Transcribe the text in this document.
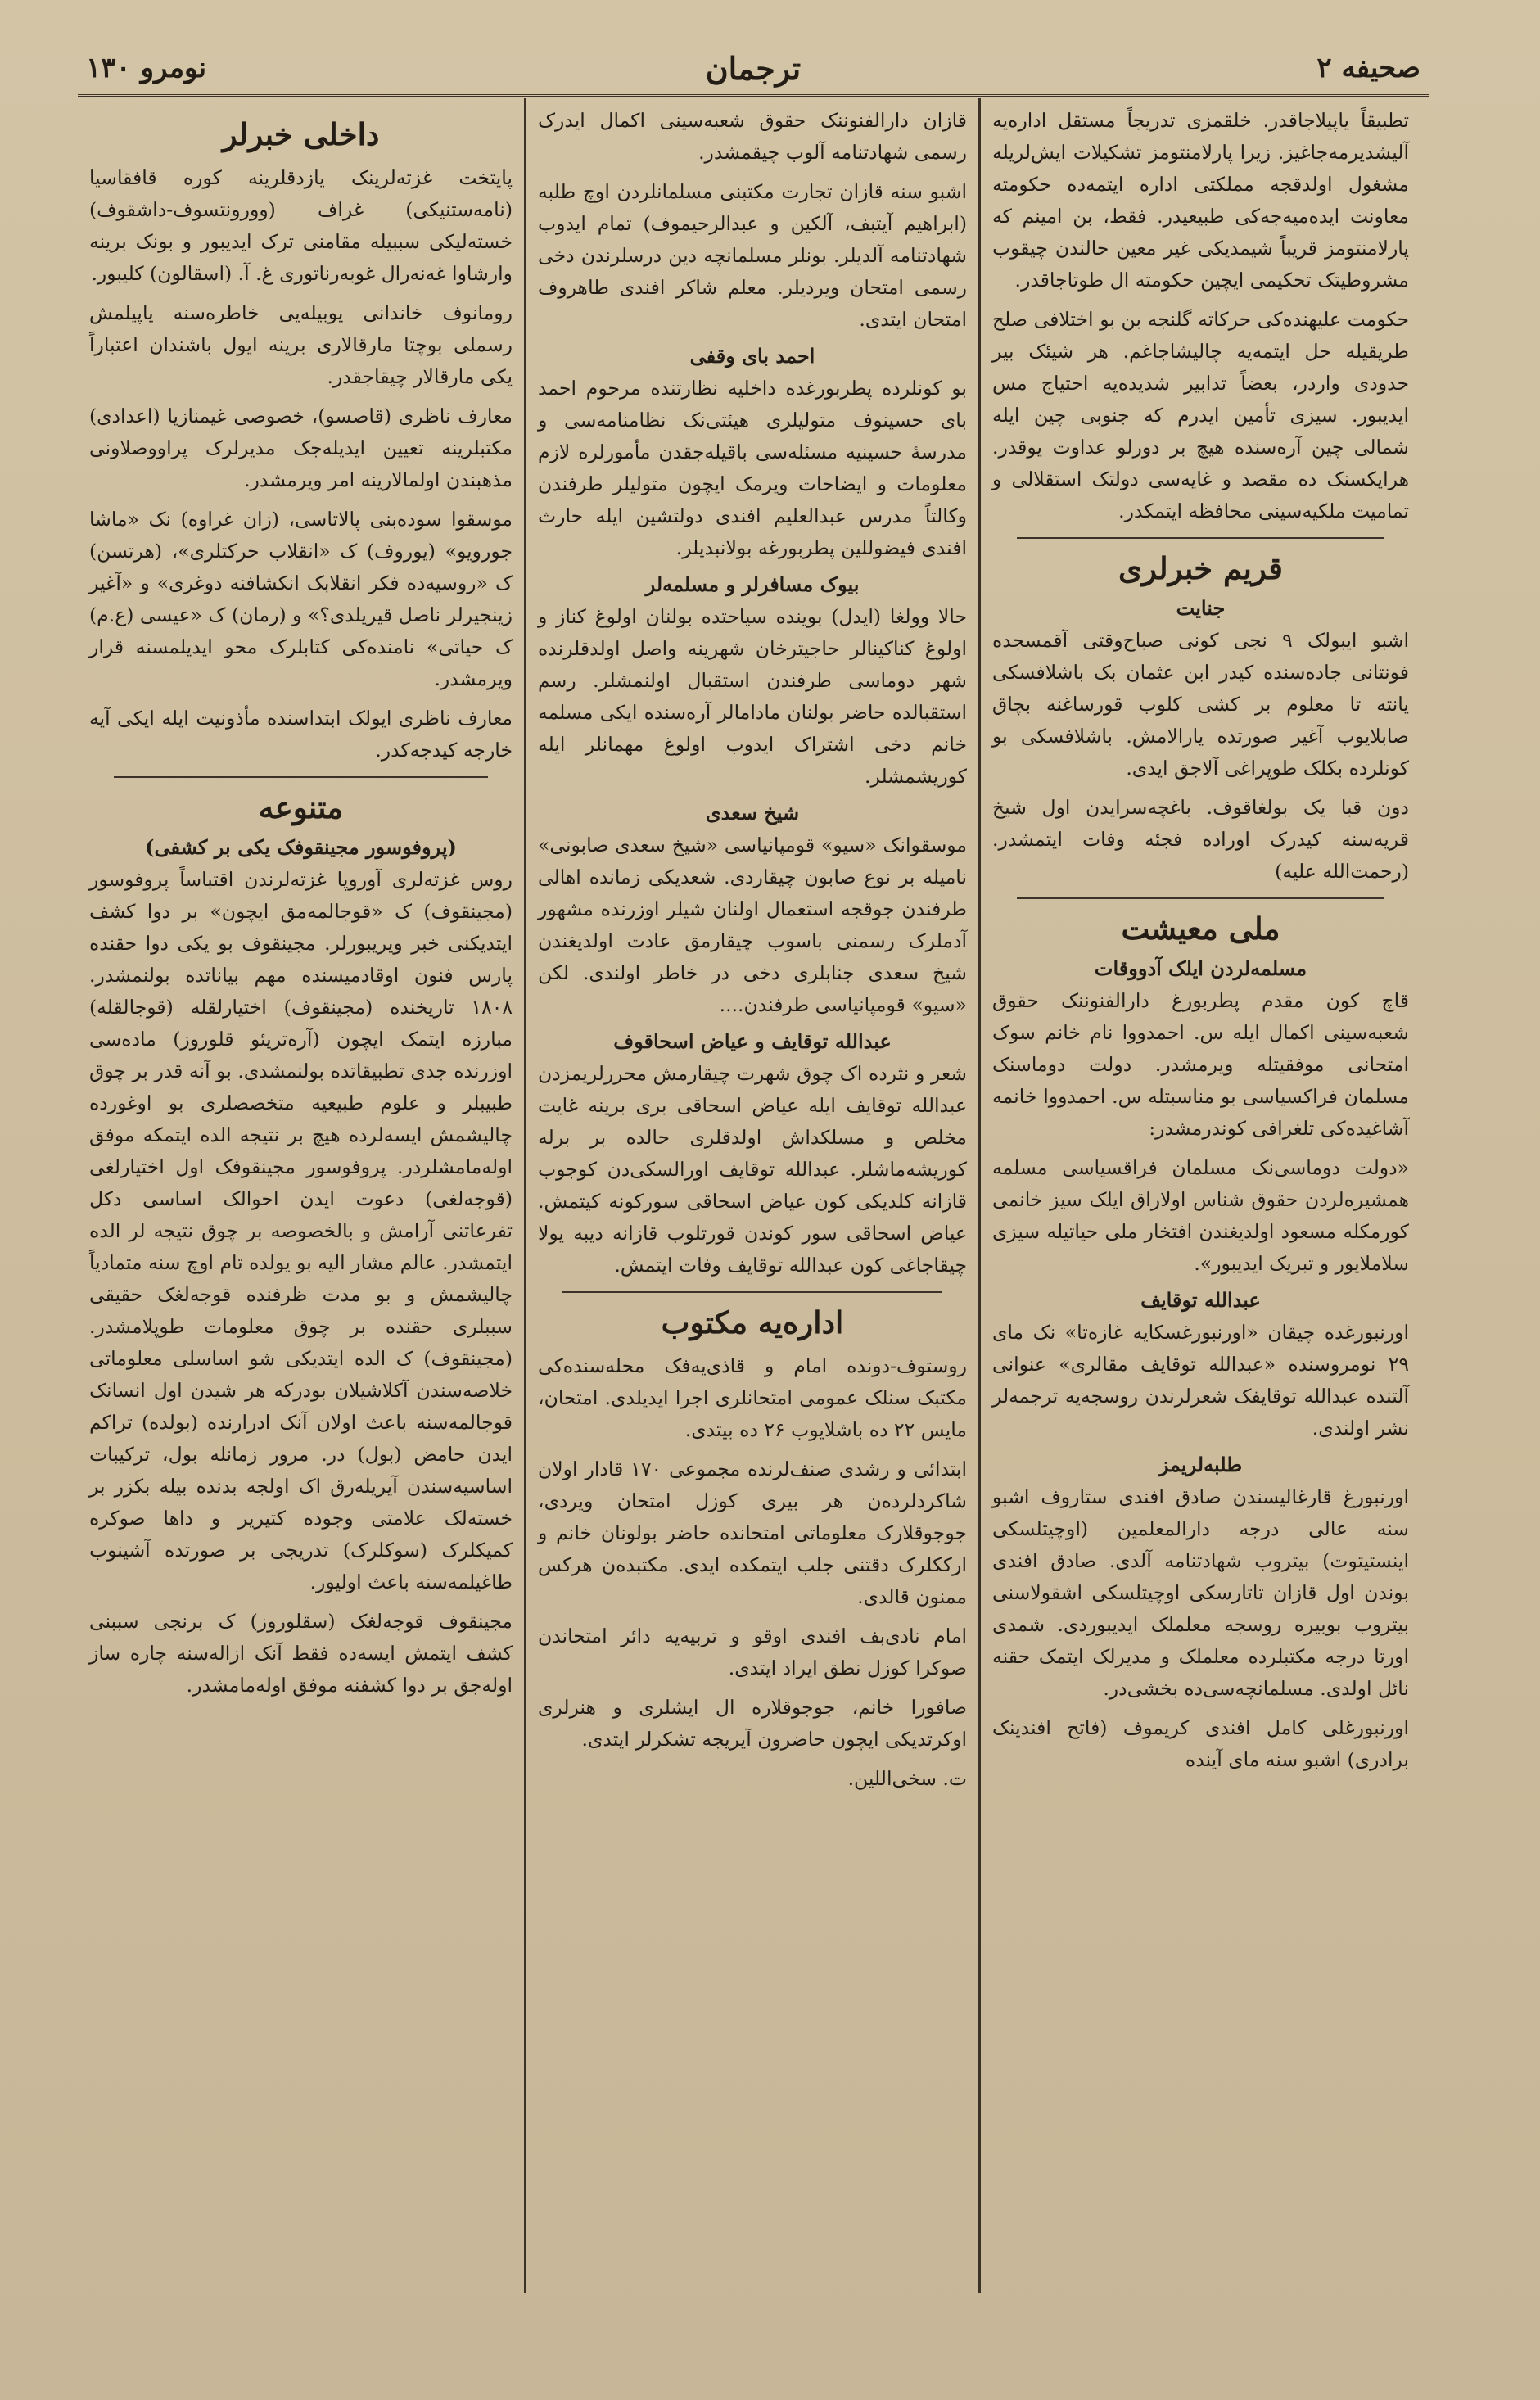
صحیفه ۲
ترجمان
نومرو ۱۳۰

تطبیقاً یاپیلاجاقدر. خلقمزی تدریجاً مستقل اداره‌یه آلیشدیرمه‌جاغیز. زیرا پارلامنتومز تشکیلات ایش‌لریله مشغول اولدقجه مملکتی اداره ایتمه‌ده حکومته معاونت ایده‌میه‌جه‌کی طبیعیدر. فقط، بن امینم که پارلامنتومز قریباً شیمدیکی غیر معین حالندن چیقوب مشروطیتک تحکیمی ایچین حکومته ال طوتاجاقدر.

حکومت علیهنده‌کی حرکاته گلنجه بن بو اختلافی صلح طریقیله حل ایتمه‌یه چالیشاجاغم. هر شیئک بیر حدودی واردر، بعضاً تدابیر شدیده‌یه احتیاج مس ایدیبور. سیزی تأمین ایدرم که جنوبی چین ایله شمالی چین آره‌سنده هیچ بر دورلو عداوت یوقدر. هرایکسنک ده مقصد و غایه‌سی دولتک استقلالی و تمامیت ملکیه‌سینی محافظه ایتمکدر.

قریم خبرلری
جنایت

اشبو ایبولک ۹ نجی کونی صباح‌وقتی آقمسجده فونتانی جاده‌سنده کیدر ابن عثمان بک باشلافسکی یانته تا معلوم بر کشی کلوب قورساغنه بچاق صابلایوب آغیر صورتده یارالامش. باشلافسکی بو کونلرده بکلک طوپراغی آلاجق ایدی.

دون قبا یک بولغاقوف. باغچه‌سرایدن اول شیخ قریه‌سنه کیدرک اوراده فجئه وفات ایتمشدر. (رحمت‌الله علیه)

ملی معیشت
مسلمه‌لردن ایلک آدووقات

قاچ کون مقدم پطربورغ دارالفنوننک حقوق شعبه‌سینی اکمال ایله س. احمدووا نام خانم سوک امتحانی موفقیتله ویرمشدر. دولت دوماسنک مسلمان فراکسیاسی بو مناسبتله س. احمدووا خانمه آشاغیده‌کی تلغرافی کوندرمشدر:

«دولت دوماسی‌نک مسلمان فراقسیاسی مسلمه همشیره‌لردن حقوق شناس اولاراق ایلک سیز خانمی کورمکله مسعود اولدیغندن افتخار ملی حیاتیله سیزی سلاملایور و تبریک ایدیبور».

عبدالله توقایف

اورنبورغده چیقان «اورنبورغسکایه غازه‌تا» نک مای ۲۹ نومروسنده «عبدالله توقایف مقالری» عنوانی آلتنده عبدالله توقایفک شعرلرندن روسجه‌یه ترجمه‌لر نشر اولندی.

طلبه‌لریمز

اورنبورغ قارغالیسندن صادق افندی ستاروف اشبو سنه عالی درجه دارالمعلمین (اوچیتلسکی اینستیتوت) بیتروب شهادتنامه آلدی. صادق افندی بوندن اول قازان تاتارسکی اوچیتلسکی اشقولاسنی بیتروب بوبیره روسجه معلملک ایدیبوردی. شمدی اورتا درجه مکتبلرده معلملک و مدیرلک ایتمک حقنه نائل اولدی. مسلمانچه‌سی‌ده بخشی‌در.

اورنبورغلی کامل افندی کریموف (فاتح افندینک برادری) اشبو سنه مای آینده

قازان دارالفنوننک حقوق شعبه‌سینی اکمال ایدرک رسمی شهادتنامه آلوب چیقمشدر.

اشبو سنه قازان تجارت مکتبنی مسلمانلردن اوچ طلبه (ابراهیم آیتبف، آلکین و عبدالرحیموف) تمام ایدوب شهادتنامه آلدیلر. بونلر مسلمانچه دین درسلرندن دخی رسمی امتحان ویردیلر. معلم شاکر افندی طاهروف امتحان ایتدی.

احمد بای وقفی

بو کونلرده پطربورغده داخلیه نظارتنده مرحوم احمد بای حسینوف متولیلری هیئتی‌نک نظامنامه‌سی و مدرسهٔ حسینیه مسئله‌سی باقیله‌جقدن مأمورلره لازم معلومات و ایضاحات ویرمک ایچون متولیلر طرفندن وکالتاً مدرس عبدالعلیم افندی دولتشین ایله حارث افندی فیضوللین پطربورغه بولانبدیلر.

بیوک مسافرلر و مسلمه‌لر

حالا وولغا (ایدل) بوینده سیاحتده بولنان اولوغ کناز و اولوغ کناکینالر حاجیترخان شهرینه واصل اولدقلرنده شهر دوماسی طرفندن استقبال اولنمشلر. رسم استقبالده حاضر بولنان مادامالر آره‌سنده ایکی مسلمه خانم دخی اشتراک ایدوب اولوغ مهمانلر ایله کوریشمشلر.

شیخ سعدی

موسقوانک «سیو» قومپانیاسی «شیخ سعدی صابونی» نامیله بر نوع صابون چیقاردی. شعدیکی زمانده اهالی طرفندن جوقجه استعمال اولنان شیلر اوزرنده مشهور آدملرک رسمنی باسوب چیقارمق عادت اولدیغندن شیخ سعدی جنابلری دخی در خاطر اولندی. لکن «سیو» قومپانیاسی طرفندن....

عبدالله توقایف و عیاض اسحاقوف

شعر و نثرده اک چوق شهرت چیقارمش محررلریمزدن عبدالله توقایف ایله عیاض اسحاقی بری برینه غایت مخلص و مسلکداش اولدقلری حالده بر برله کوریشه‌ماشلر. عبدالله توقایف اورالسکی‌دن کوجوب قازانه کلدیکی کون عیاض اسحاقی سورکونه کیتمش. عیاض اسحاقی سور کوندن قورتلوب قازانه دیبه یولا چیقاجاغی کون عبدالله توقایف وفات ایتمش.

اداره‌یه مکتوب

روستوف-دونده امام و قاذی‌یه‌فک محله‌سنده‌کی مکتبک سنلک عمومی امتحانلری اجرا ایدیلدی. امتحان، مایس ۲۲ ده باشلایوب ۲۶ ده بیتدی.

ابتدائی و رشدی صنف‌لرنده مجموعی ۱۷۰ قادار اولان شاکردلرده‌ن هر بیری کوزل امتحان ویردی، جوجوقلارک معلوماتی امتحانده حاضر بولونان خانم و ارککلرک دقتنی جلب ایتمکده ایدی. مکتبده‌ن هرکس ممنون قالدی.

امام نادی‌بف افندی اوقو و تربیه‌یه دائر امتحاندن صوکرا کوزل نطق ایراد ایتدی.

صافورا خانم، جوجوقلاره ال ایشلری و هنرلری اوکرتدیکی ایچون حاضرون آیریجه تشکرلر ایتدی.

ت. سخی‌اللین.

داخلی خبرلر

پایتخت غزته‌لرینک یازدقلرینه کوره قافقاسیا (نامه‌ستنیکی) غراف (وورونتسوف-داشقوف) خسته‌لیکی سببیله مقامنی ترک ایدیبور و بونک برینه وارشاوا غه‌نه‌رال غوبه‌رناتوری غ. آ. (اسقالون) کلیبور.

رومانوف خاندانی یوبیله‌یی خاطره‌سنه یاپیلمش رسملی بوچتا مارقالاری برینه ایول باشندان اعتباراً یکی مارقالار چیقاجقدر.

معارف ناظری (قاصسو)، خصوصی غیمنازیا (اعدادی) مکتبلرینه تعیین ایدیله‌جک مدیرلرک پراووصلاونی مذهبندن اولمالارینه امر ویرمشدر.

موسقوا سوده‌بنی پالاتاسی، (زان غراوه) نک «ماشا جورویو» (یوروف) ک «انقلاب حرکتلری»، (هرتسن) ک «روسیه‌ده فکر انقلابک انکشافنه دوغری» و «آغیر زینجیرلر ناصل قیریلدی؟» و (رمان) ک «عیسی (ع.م) ک حیاتی» نامنده‌کی کتابلرک محو ایدیلمسنه قرار ویرمشدر.

معارف ناظری ایولک ابتداسنده مأذونیت ایله ایکی آیه خارجه کیدجه‌کدر.

متنوعه
(پروفوسور مجینقوفک یکی بر کشفی)

روس غزته‌لری آوروپا غزته‌لرندن اقتباساً پروفوسور (مجینقوف) ک «قوجالمه‌مق ایچون» بر دوا کشف ایتدیکنی خبر ویریبورلر. مجینقوف بو یکی دوا حقنده پارس فنون اوقادمیسنده مهم بیاناتده بولنمشدر. ۱۸۰۸ تاریخنده (مجینقوف) اختیارلقله (قوجالقله) مبارزه ایتمک ایچون (آره‌تریئو قلوروز) ماده‌سی اوزرنده جدی تطبیقاتده بولنمشدی. بو آنه قدر بر چوق طبیبلر و علوم طبیعیه متخصصلری بو اوغورده چالیشمش ایسه‌لرده هیچ بر نتیجه الده ایتمکه موفق اوله‌مامشلردر. پروفوسور مجینقوفک اول اختیارلغی (قوجه‌لغی) دعوت ایدن احوالک اساسی دکل تفرعاتنی آرامش و بالخصوصه بر چوق نتیجه لر الده ایتمشدر. عالم مشار الیه بو یولده تام اوچ سنه متمادیاً چالیشمش و بو مدت ظرفنده قوجه‌لغک حقیقی سببلری حقنده بر چوق معلومات طوپلامشدر. (مجینقوف) ک الده ایتدیکی شو اساسلی معلوماتی خلاصه‌سندن آکلاشیلان بودرکه هر شیدن اول انسانک قوجالمه‌سنه باعث اولان آنک ادرارنده (بولده) تراکم ایدن حامض (بول) در. مرور زمانله بول، ترکیبات اساسیه‌سندن آیریله‌رق اک اولجه بدنده بیله بکزر بر خسته‌لک علامتی وجوده کتیریر و داها صوکره کمیکلرک (سوکلرک) تدریجی بر صورتده آشینوب طاغیلمه‌سنه باعث اولیور.

مجینقوف قوجه‌لغک (سقلوروز) ک برنجی سببنی کشف ایتمش ایسه‌ده فقط آنک ازاله‌سنه چاره ساز اوله‌جق بر دوا کشفنه موفق اوله‌مامشدر.
